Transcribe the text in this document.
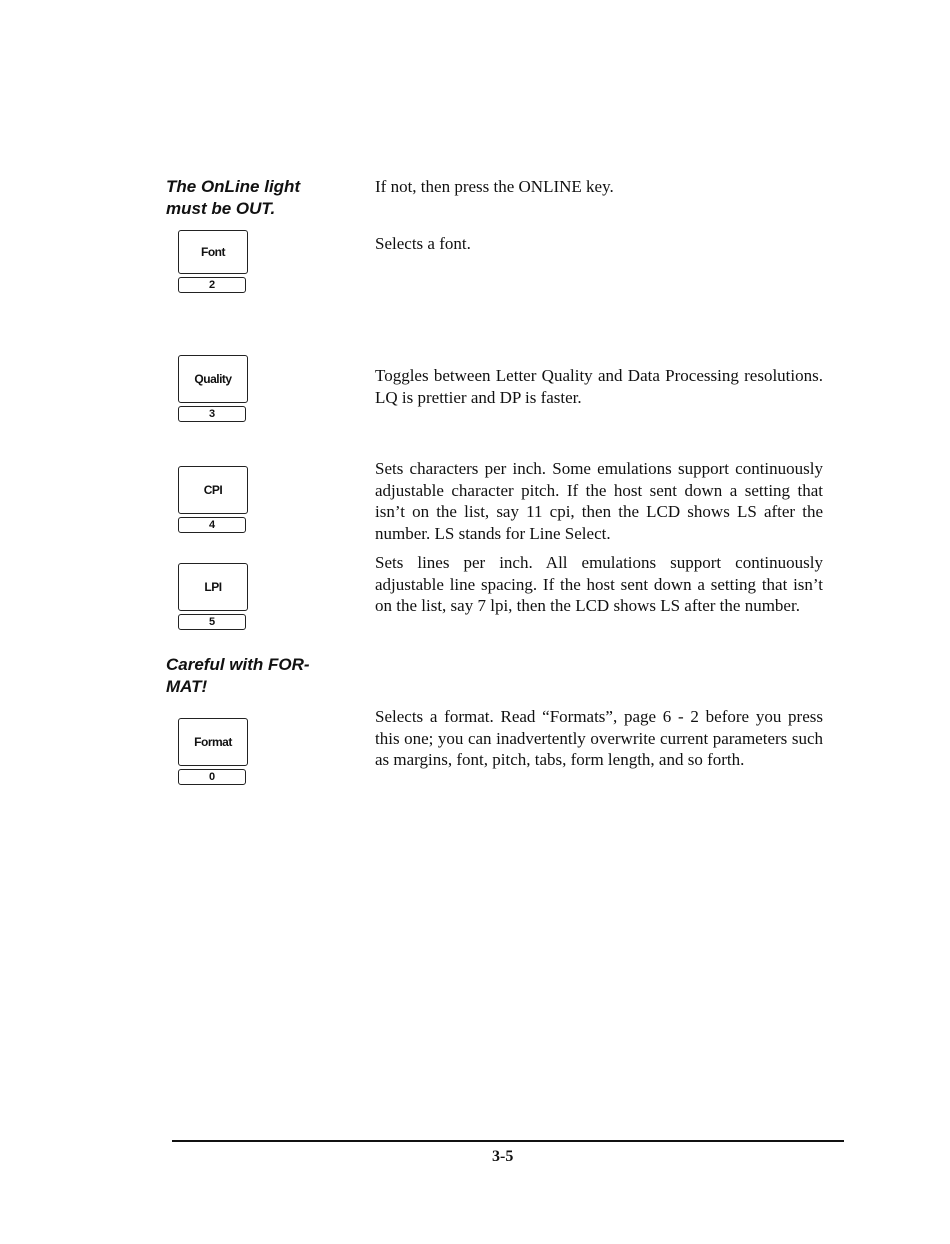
The OnLine light
must be OUT.
Careful with FOR-
MAT!
Font
2
Quality
3
CPI
4
LPI
5
Format
0
If not, then press the ONLINE key.
Selects a font.
Toggles between Letter Quality and Data Processing resolutions. LQ is prettier and DP is faster.
Sets characters per inch. Some emulations support continuously adjustable character pitch. If the host sent down a setting that isn’t on the list, say 11 cpi, then the LCD shows LS after the number. LS stands for Line Select.
Sets lines per inch. All emulations support continuously adjustable line spacing. If the host sent down a setting that isn’t on the list, say 7 lpi, then the LCD shows LS after the number.
Selects a format. Read “Formats”, page 6 - 2 before you press this one; you can inadvertently overwrite current parameters such as margins, font, pitch, tabs, form length, and so forth.
3-5
